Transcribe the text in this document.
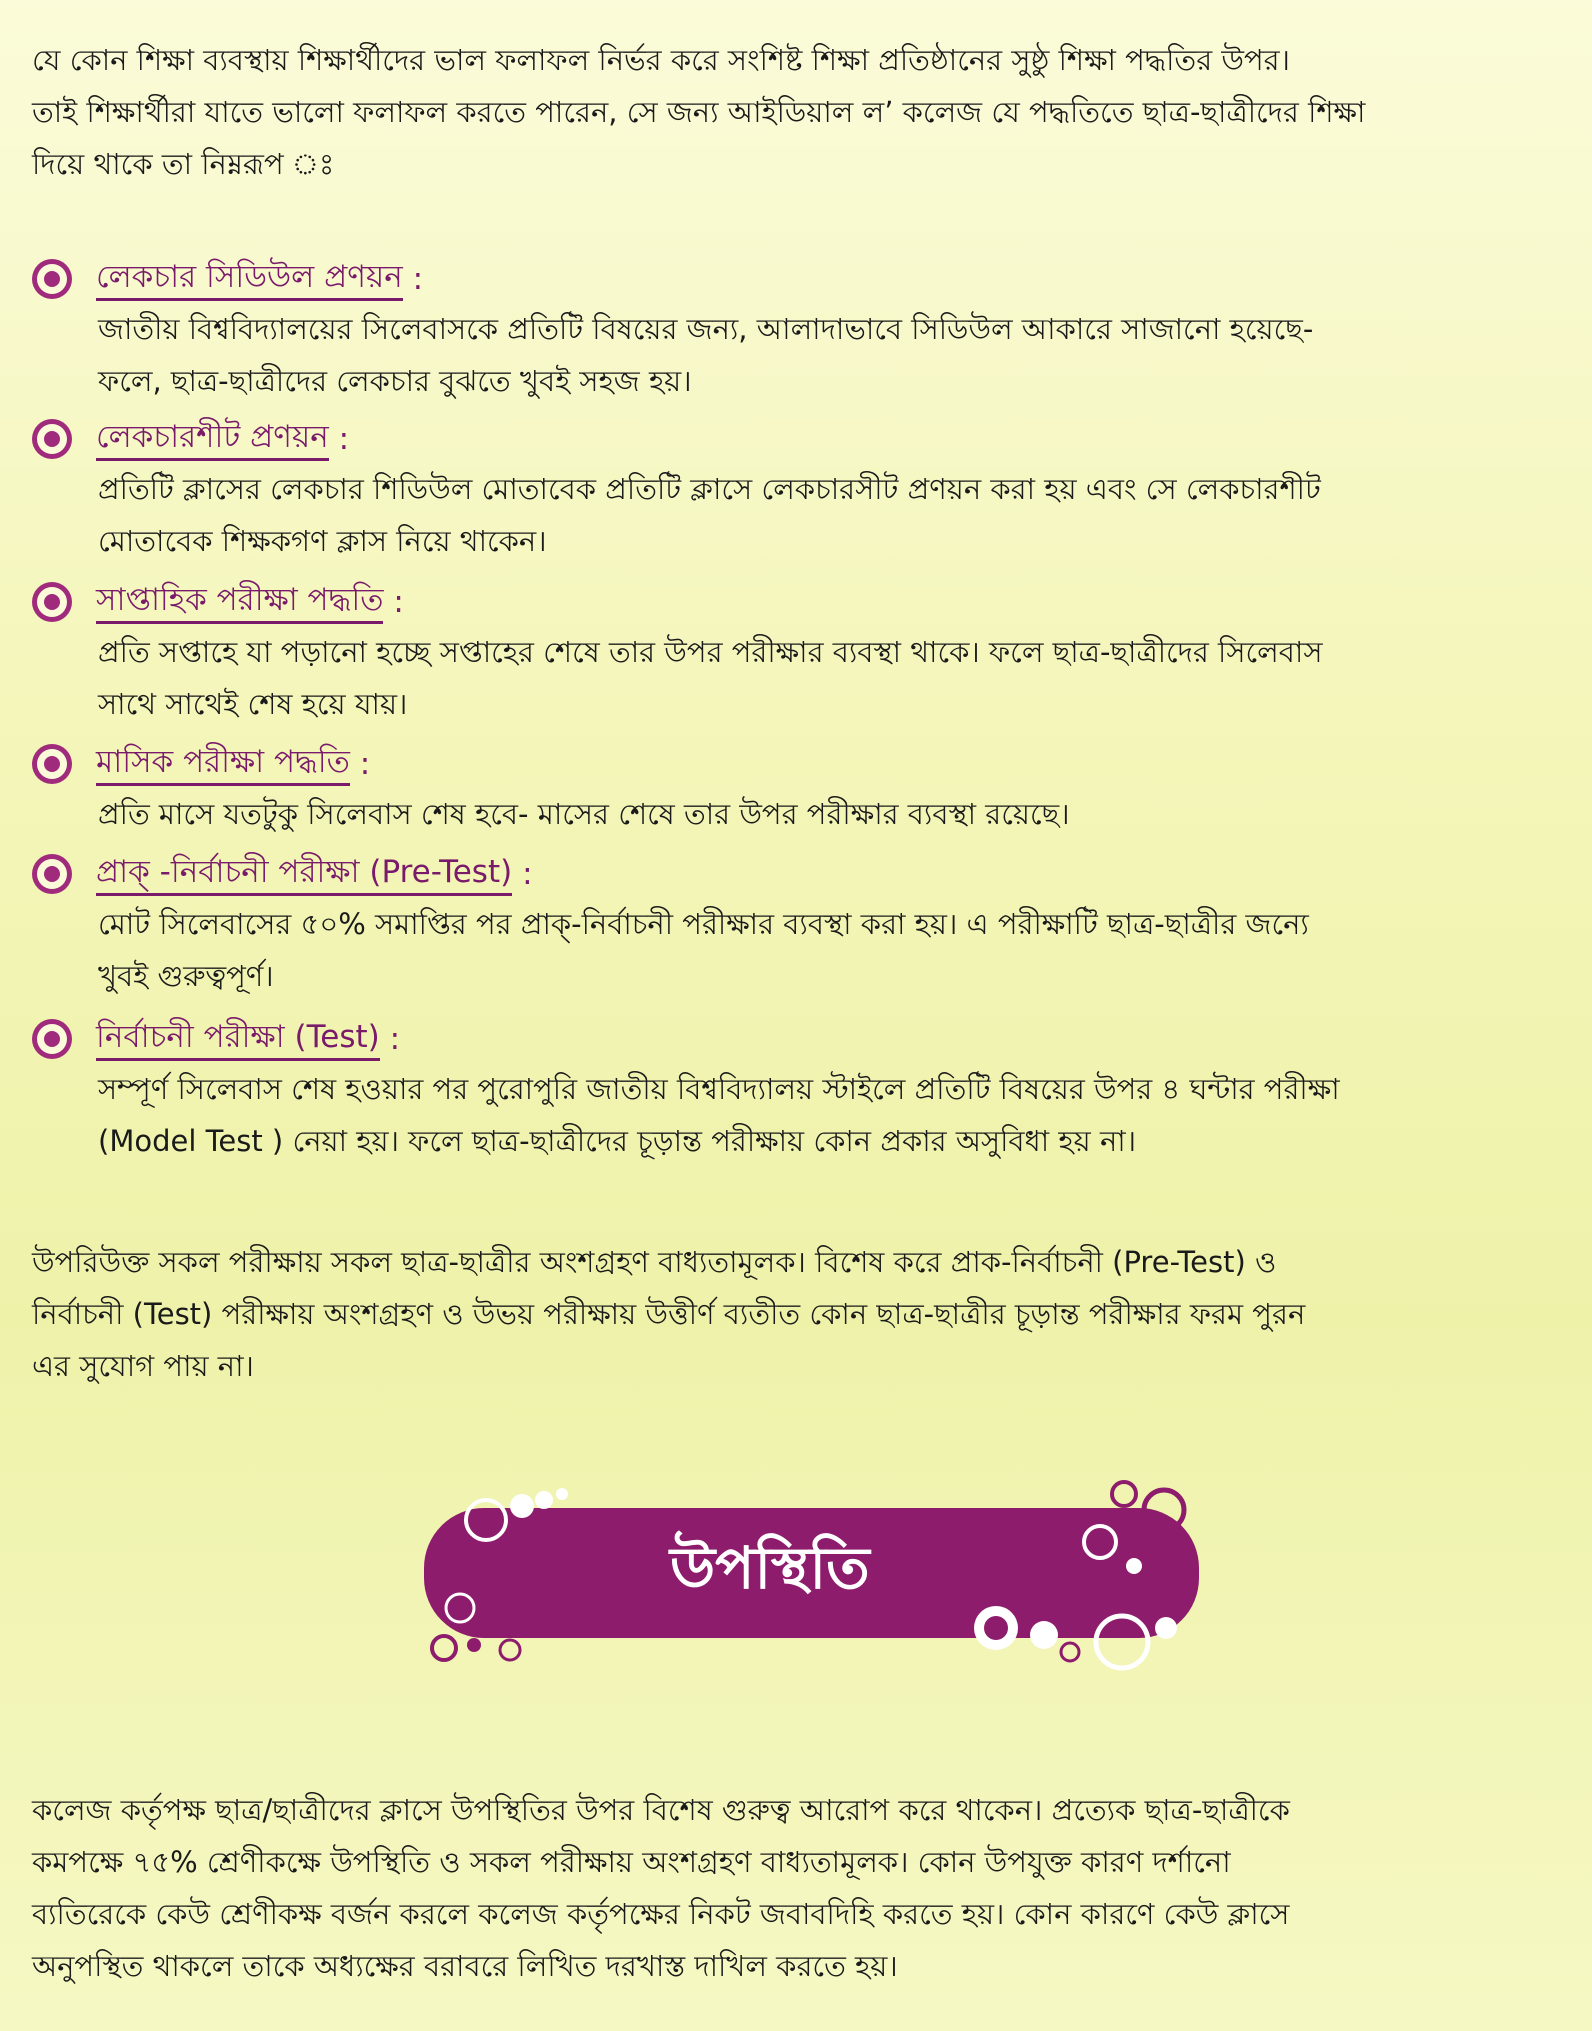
যে কোন শিক্ষা ব্যবস্থায় শিক্ষার্থীদের ভাল ফলাফল নির্ভর করে সংশিষ্ট শিক্ষা প্রতিষ্ঠানের সুষ্ঠু শিক্ষা পদ্ধতির উপর।

তাই শিক্ষার্থীরা যাতে ভালো ফলাফল করতে পারেন, সে জন্য আইডিয়াল ল’ কলেজ যে পদ্ধতিতে ছাত্র-ছাত্রীদের শিক্ষা

দিয়ে থাকে তা নিম্নরূপ ঃ

লেকচার সিডিউল প্রণয়ন :
জাতীয় বিশ্ববিদ্যালয়ের সিলেবাসকে প্রতিটি বিষয়ের জন্য, আলাদাভাবে সিডিউল আকারে সাজানো হয়েছে-
ফলে, ছাত্র-ছাত্রীদের লেকচার বুঝতে খুবই সহজ হয়।
লেকচারশীট প্রণয়ন :
প্রতিটি ক্লাসের লেকচার শিডিউল মোতাবেক প্রতিটি ক্লাসে লেকচারসীট প্রণয়ন করা হয় এবং সে লেকচারশীট
মোতাবেক শিক্ষকগণ ক্লাস নিয়ে থাকেন।
সাপ্তাহিক পরীক্ষা পদ্ধতি :
প্রতি সপ্তাহে যা পড়ানো হচ্ছে সপ্তাহের শেষে তার উপর পরীক্ষার ব্যবস্থা থাকে। ফলে ছাত্র-ছাত্রীদের সিলেবাস
সাথে সাথেই শেষ হয়ে যায়।
মাসিক পরীক্ষা পদ্ধতি :
প্রতি মাসে যতটুকু সিলেবাস শেষ হবে- মাসের শেষে তার উপর পরীক্ষার ব্যবস্থা রয়েছে।
প্রাক্‌ -নির্বাচনী পরীক্ষা (Pre-Test) :
মোট সিলেবাসের ৫০% সমাপ্তির পর প্রাক্-নির্বাচনী পরীক্ষার ব্যবস্থা করা হয়। এ পরীক্ষাটি ছাত্র-ছাত্রীর জন্যে
খুবই গুরুত্বপূর্ণ।
নির্বাচনী পরীক্ষা (Test) :
সম্পূর্ণ সিলেবাস শেষ হওয়ার পর পুরোপুরি জাতীয় বিশ্ববিদ্যালয় স্টাইলে প্রতিটি বিষয়ের উপর ৪ ঘন্টার পরীক্ষা
(Model Test ) নেয়া হয়। ফলে ছাত্র-ছাত্রীদের চূড়ান্ত পরীক্ষায় কোন প্রকার অসুবিধা হয় না।

উপরিউক্ত সকল পরীক্ষায় সকল ছাত্র-ছাত্রীর অংশগ্রহণ বাধ্যতামূলক। বিশেষ করে প্রাক-নির্বাচনী (Pre-Test) ও

নির্বাচনী (Test) পরীক্ষায় অংশগ্রহণ ও উভয় পরীক্ষায় উত্তীর্ণ ব্যতীত কোন ছাত্র-ছাত্রীর চূড়ান্ত পরীক্ষার ফরম পুরন

এর সুযোগ পায় না।

উপস্থিতি

কলেজ কর্তৃপক্ষ ছাত্র/ছাত্রীদের ক্লাসে উপস্থিতির উপর বিশেষ গুরুত্ব আরোপ করে থাকেন। প্রত্যেক ছাত্র-ছাত্রীকে

কমপক্ষে ৭৫% শ্রেণীকক্ষে উপস্থিতি ও সকল পরীক্ষায় অংশগ্রহণ বাধ্যতামূলক। কোন উপযুক্ত কারণ দর্শানো

ব্যতিরেকে কেউ শ্রেণীকক্ষ বর্জন করলে কলেজ কর্তৃপক্ষের নিকট জবাবদিহি করতে হয়। কোন কারণে কেউ ক্লাসে

অনুপস্থিত থাকলে তাকে অধ্যক্ষের বরাবরে লিখিত দরখাস্ত দাখিল করতে হয়।
